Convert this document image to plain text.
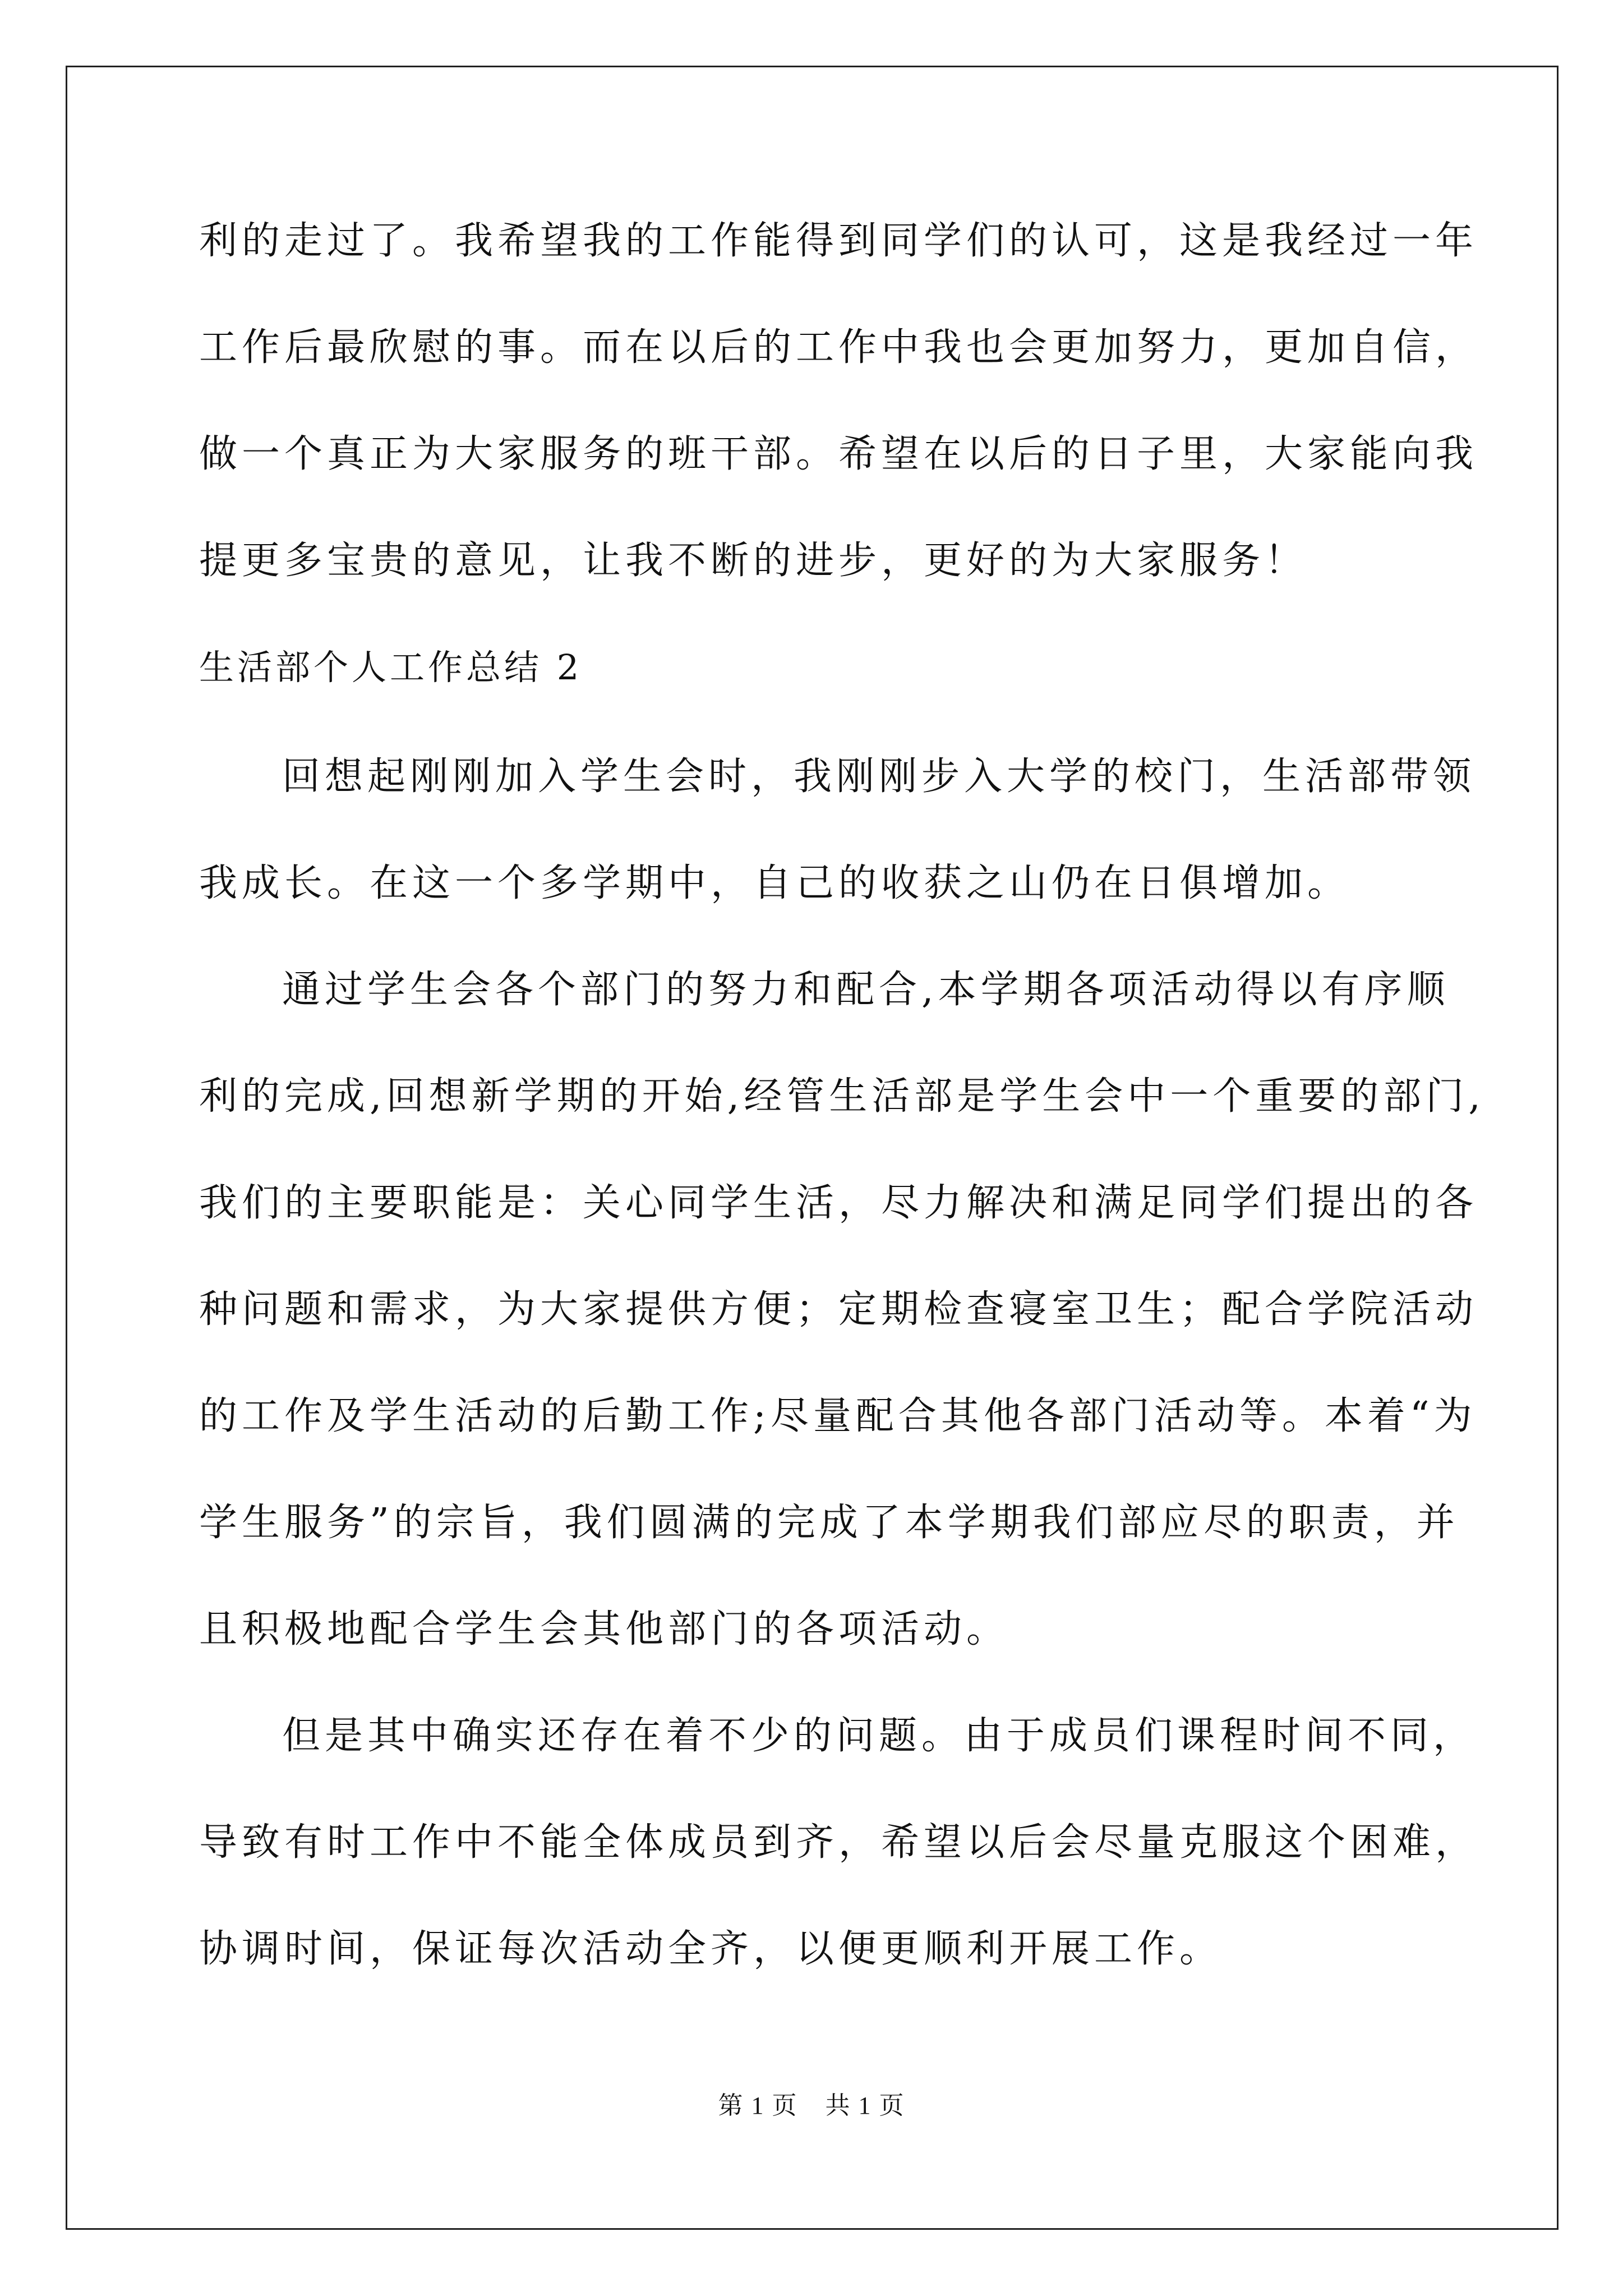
利的走过了。我希望我的工作能得到同学们的认可，这是我经过一年
工作后最欣慰的事。而在以后的工作中我也会更加努力，更加自信，
做一个真正为大家服务的班干部。希望在以后的日子里，大家能向我
提更多宝贵的意见，让我不断的进步，更好的为大家服务！
生活部个人工作总结 2
回想起刚刚加入学生会时，我刚刚步入大学的校门，生活部带领
我成长。在这一个多学期中，自己的收获之山仍在日俱增加。
通过学生会各个部门的努力和配合,本学期各项活动得以有序顺
利的完成,回想新学期的开始,经管生活部是学生会中一个重要的部门,
我们的主要职能是：关心同学生活，尽力解决和满足同学们提出的各
种问题和需求，为大家提供方便；定期检查寝室卫生；配合学院活动
的工作及学生活动的后勤工作;尽量配合其他各部门活动等。本着“为
学生服务”的宗旨，我们圆满的完成了本学期我们部应尽的职责，并
且积极地配合学生会其他部门的各项活动。
但是其中确实还存在着不少的问题。由于成员们课程时间不同，
导致有时工作中不能全体成员到齐，希望以后会尽量克服这个困难，
协调时间，保证每次活动全齐，以便更顺利开展工作。
第 1 页 共 1 页
